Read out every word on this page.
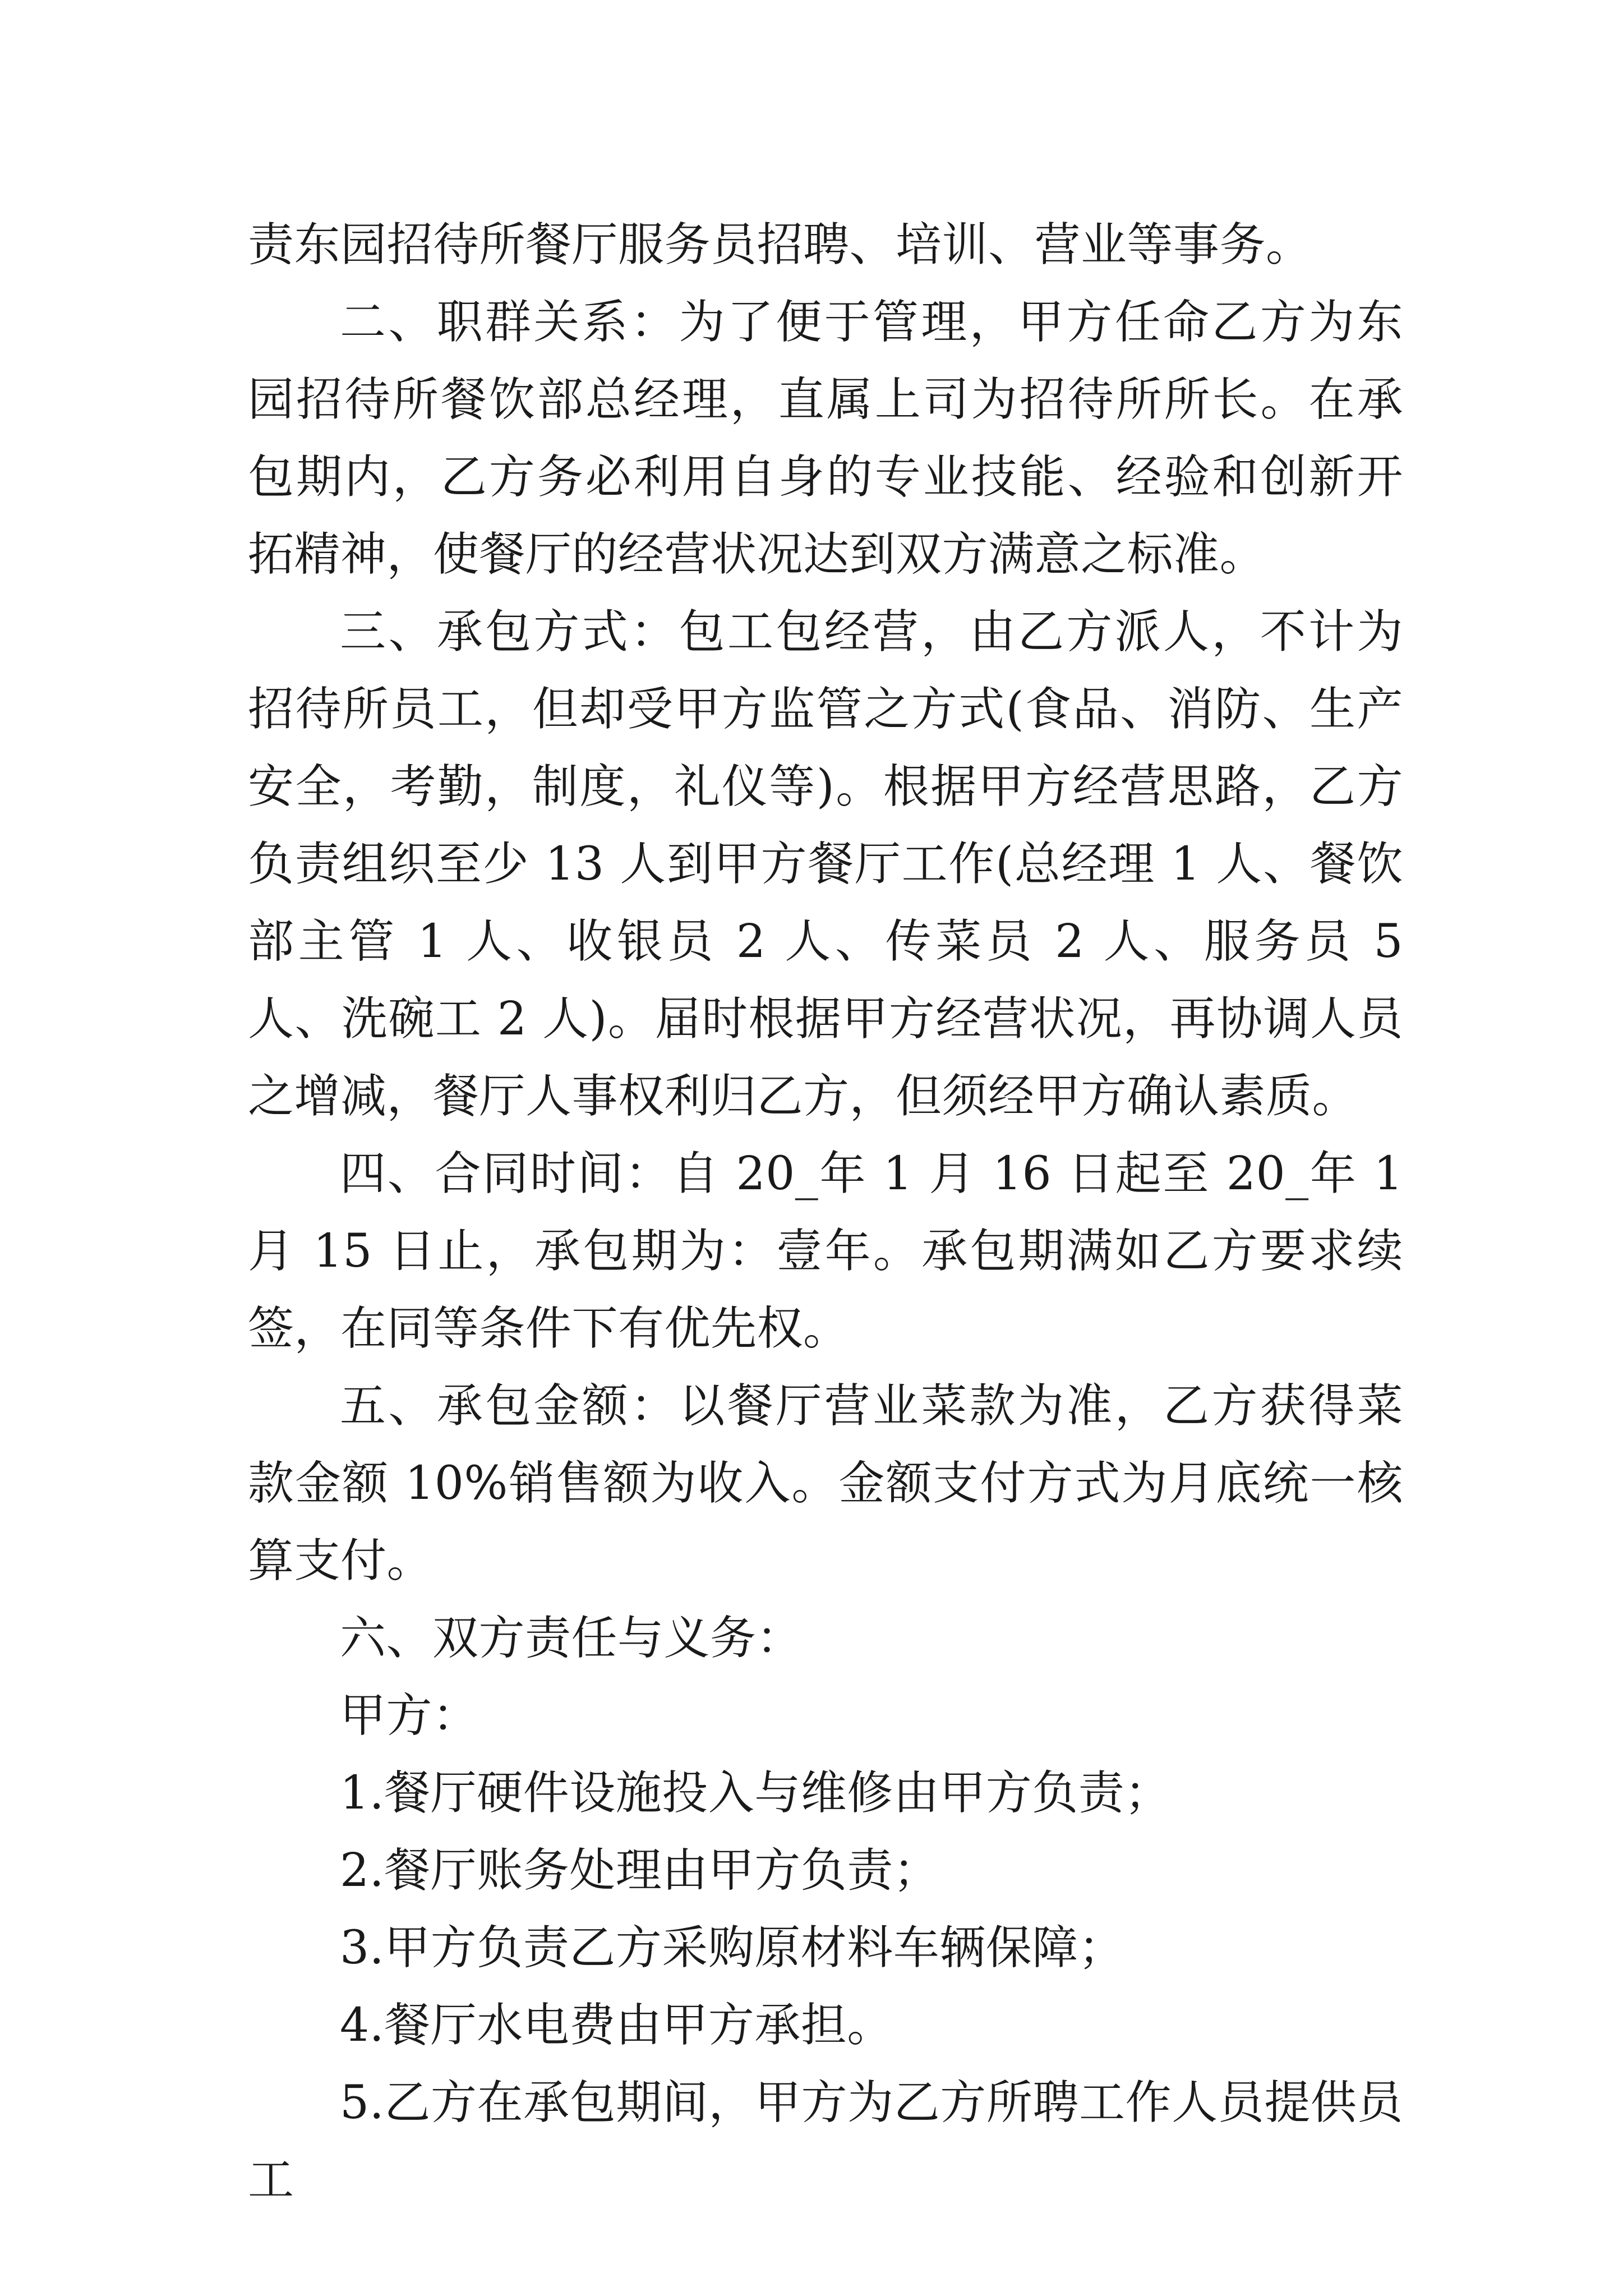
责东园招待所餐厅服务员招聘、培训、营业等事务。

二、职群关系：为了便于管理，甲方任命乙方为东园招待所餐饮部总经理，直属上司为招待所所长。在承包期内，乙方务必利用自身的专业技能、经验和创新开拓精神，使餐厅的经营状况达到双方满意之标准。

三、承包方式：包工包经营，由乙方派人，不计为招待所员工，但却受甲方监管之方式(食品、消防、生产安全，考勤，制度，礼仪等)。根据甲方经营思路，乙方负责组织至少 13 人到甲方餐厅工作(总经理 1 人、餐饮部主管 1 人、收银员 2 人、传菜员 2 人、服务员 5 人、洗碗工 2 人)。届时根据甲方经营状况，再协调人员之增减，餐厅人事权利归乙方，但须经甲方确认素质。

四、合同时间：自 20_年 1 月 16 日起至 20_年 1 月 15 日止，承包期为：壹年。承包期满如乙方要求续签，在同等条件下有优先权。

五、承包金额：以餐厅营业菜款为准，乙方获得菜款金额 10%销售额为收入。金额支付方式为月底统一核算支付。

六、双方责任与义务：

甲方：

1.餐厅硬件设施投入与维修由甲方负责；

2.餐厅账务处理由甲方负责；

3.甲方负责乙方采购原材料车辆保障；

4.餐厅水电费由甲方承担。

5.乙方在承包期间，甲方为乙方所聘工作人员提供员工
